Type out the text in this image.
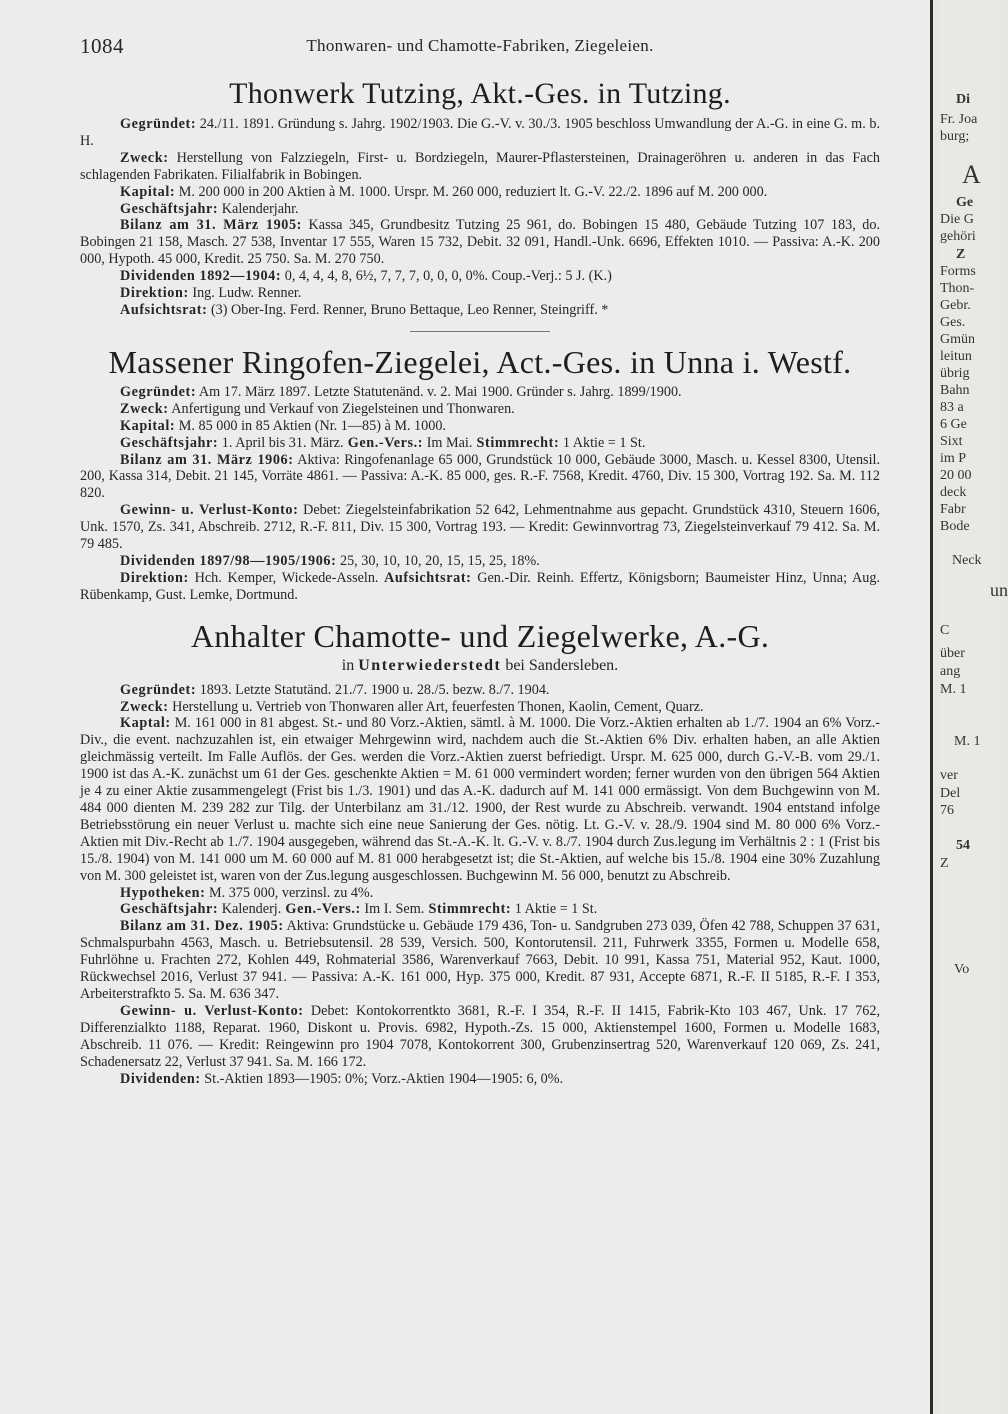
1084	Thonwaren- und Chamotte-Fabriken, Ziegeleien.
Thonwerk Tutzing, Akt.-Ges. in Tutzing.

Gegründet: 24./11. 1891. Gründung s. Jahrg. 1902/1903. Die G.-V. v. 30./3. 1905 beschloss Umwandlung der A.-G. in eine G. m. b. H.

Zweck: Herstellung von Falzziegeln, First- u. Bordziegeln, Maurer-Pflastersteinen, Drainageröhren u. anderen in das Fach schlagenden Fabrikaten. Filialfabrik in Bobingen.

Kapital: M. 200 000 in 200 Aktien à M. 1000. Urspr. M. 260 000, reduziert lt. G.-V. 22./2. 1896 auf M. 200 000.

Geschäftsjahr: Kalenderjahr.

Bilanz am 31. März 1905: Kassa 345, Grundbesitz Tutzing 25 961, do. Bobingen 15 480, Gebäude Tutzing 107 183, do. Bobingen 21 158, Masch. 27 538, Inventar 17 555, Waren 15 732, Debit. 32 091, Handl.-Unk. 6696, Effekten 1010. — Passiva: A.-K. 200 000, Hypoth. 45 000, Kredit. 25 750. Sa. M. 270 750.

Dividenden 1892—1904: 0, 4, 4, 4, 8, 6½, 7, 7, 7, 0, 0, 0, 0%. Coup.-Verj.: 5 J. (K.)

Direktion: Ing. Ludw. Renner.

Aufsichtsrat: (3) Ober-Ing. Ferd. Renner, Bruno Bettaque, Leo Renner, Steingriff. *

Massener Ringofen-Ziegelei, Act.-Ges. in Unna i. Westf.

Gegründet: Am 17. März 1897. Letzte Statutenänd. v. 2. Mai 1900. Gründer s. Jahrg. 1899/1900.

Zweck: Anfertigung und Verkauf von Ziegelsteinen und Thonwaren.

Kapital: M. 85 000 in 85 Aktien (Nr. 1—85) à M. 1000.

Geschäftsjahr: 1. April bis 31. März. Gen.-Vers.: Im Mai. Stimmrecht: 1 Aktie = 1 St.

Bilanz am 31. März 1906: Aktiva: Ringofenanlage 65 000, Grundstück 10 000, Gebäude 3000, Masch. u. Kessel 8300, Utensil. 200, Kassa 314, Debit. 21 145, Vorräte 4861. — Passiva: A.-K. 85 000, ges. R.-F. 7568, Kredit. 4760, Div. 15 300, Vortrag 192. Sa. M. 112 820.

Gewinn- u. Verlust-Konto: Debet: Ziegelsteinfabrikation 52 642, Lehmentnahme aus gepacht. Grundstück 4310, Steuern 1606, Unk. 1570, Zs. 341, Abschreib. 2712, R.-F. 811, Div. 15 300, Vortrag 193. — Kredit: Gewinnvortrag 73, Ziegelsteinverkauf 79 412. Sa. M. 79 485.

Dividenden 1897/98—1905/1906: 25, 30, 10, 10, 20, 15, 15, 25, 18%.

Direktion: Hch. Kemper, Wickede-Asseln. Aufsichtsrat: Gen.-Dir. Reinh. Effertz, Königsborn; Baumeister Hinz, Unna; Aug. Rübenkamp, Gust. Lemke, Dortmund.

Anhalter Chamotte- und Ziegelwerke, A.-G.
in Unterwiederstedt bei Sandersleben.

Gegründet: 1893. Letzte Statutänd. 21./7. 1900 u. 28./5. bezw. 8./7. 1904.

Zweck: Herstellung u. Vertrieb von Thonwaren aller Art, feuerfesten Thonen, Kaolin, Cement, Quarz.

Kaptal: M. 161 000 in 81 abgest. St.- und 80 Vorz.-Aktien, sämtl. à M. 1000. Die Vorz.-Aktien erhalten ab 1./7. 1904 an 6% Vorz.-Div., die event. nachzuzahlen ist, ein etwaiger Mehrgewinn wird, nachdem auch die St.-Aktien 6% Div. erhalten haben, an alle Aktien gleichmässig verteilt. Im Falle Auflös. der Ges. werden die Vorz.-Aktien zuerst befriedigt. Urspr. M. 625 000, durch G.-V.-B. vom 29./1. 1900 ist das A.-K. zunächst um 61 der Ges. geschenkte Aktien = M. 61 000 vermindert worden; ferner wurden von den übrigen 564 Aktien je 4 zu einer Aktie zusammengelegt (Frist bis 1./3. 1901) und das A.-K. dadurch auf M. 141 000 ermässigt. Von dem Buchgewinn von M. 484 000 dienten M. 239 282 zur Tilg. der Unterbilanz am 31./12. 1900, der Rest wurde zu Abschreib. verwandt. 1904 entstand infolge Betriebsstörung ein neuer Verlust u. machte sich eine neue Sanierung der Ges. nötig. Lt. G.-V. v. 28./9. 1904 sind M. 80 000 6% Vorz.-Aktien mit Div.-Recht ab 1./7. 1904 ausgegeben, während das St.-A.-K. lt. G.-V. v. 8./7. 1904 durch Zus.legung im Verhältnis 2 : 1 (Frist bis 15./8. 1904) von M. 141 000 um M. 60 000 auf M. 81 000 herabgesetzt ist; die St.-Aktien, auf welche bis 15./8. 1904 eine 30% Zuzahlung von M. 300 geleistet ist, waren von der Zus.legung ausgeschlossen. Buchgewinn M. 56 000, benutzt zu Abschreib.

Hypotheken: M. 375 000, verzinsl. zu 4%.

Geschäftsjahr: Kalenderj. Gen.-Vers.: Im I. Sem. Stimmrecht: 1 Aktie = 1 St.

Bilanz am 31. Dez. 1905: Aktiva: Grundstücke u. Gebäude 179 436, Ton- u. Sandgruben 273 039, Öfen 42 788, Schuppen 37 631, Schmalspurbahn 4563, Masch. u. Betriebsutensil. 28 539, Versich. 500, Kontorutensil. 211, Fuhrwerk 3355, Formen u. Modelle 658, Fuhrlöhne u. Frachten 272, Kohlen 449, Rohmaterial 3586, Warenverkauf 7663, Debit. 10 991, Kassa 751, Material 952, Kaut. 1000, Rückwechsel 2016, Verlust 37 941. — Passiva: A.-K. 161 000, Hyp. 375 000, Kredit. 87 931, Accepte 6871, R.-F. II 5185, R.-F. I 353, Arbeiterstrafkto 5. Sa. M. 636 347.

Gewinn- u. Verlust-Konto: Debet: Kontokorrentkto 3681, R.-F. I 354, R.-F. II 1415, Fabrik-Kto 103 467, Unk. 17 762, Differenzialkto 1188, Reparat. 1960, Diskont u. Provis. 6982, Hypoth.-Zs. 15 000, Aktienstempel 1600, Formen u. Modelle 1683, Abschreib. 11 076. — Kredit: Reingewinn pro 1904 7078, Kontokorrent 300, Grubenzinsertrag 520, Warenverkauf 120 069, Zs. 241, Schadenersatz 22, Verlust 37 941. Sa. M. 166 172.

Dividenden: St.-Aktien 1893—1905: 0%; Vorz.-Aktien 1904—1905: 6, 0%.

Di
Fr. Joa
burg;
A
Ge
Die G
gehöri
Z
Forms
Thon-
Gebr.
Ges.
Gmün
leitun
übrig
Bahn
83 a
6 Ge
Sixt
im P
20 00
deck
Fabr
Bode
Neck
un
C
über
ang
M. 1
M. 1
ver
Del
76
54
Z
Vo
